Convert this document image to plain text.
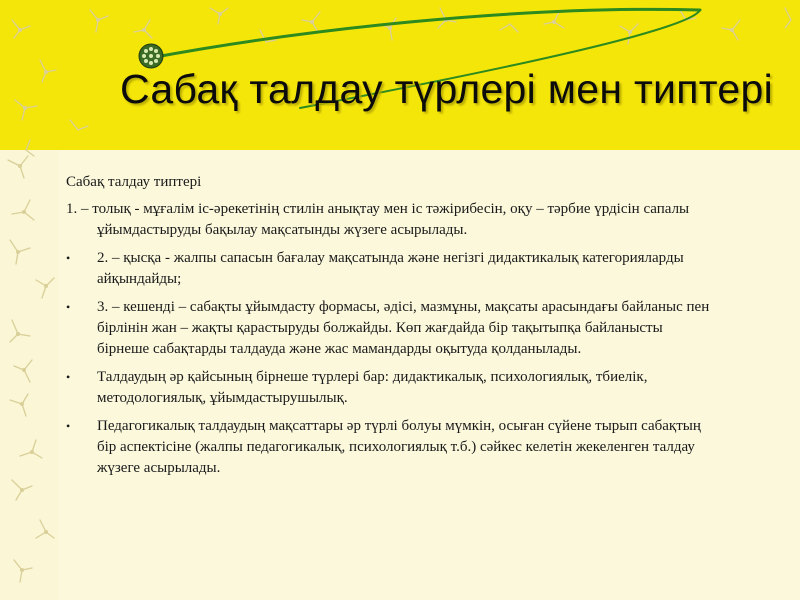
Сабақ талдау түрлері мен типтері

Сабақ талдау типтері

1. – толық - мұғалім іс-әрекетінің стилін анықтау мен іс тәжірибесін, оқу – тәрбие үрдісін сапалы ұйымдастыруды бақылау мақсатынды жүзеге асырылады.
• 2. – қысқа - жалпы сапасын бағалау мақсатында және негізгі дидактикалық категорияларды айқындайды;
• 3. – кешенді – сабақты ұйымдасту формасы, әдісі, мазмұны, мақсаты арасындағы байланыс пен бірлінін жан – жақты қарастыруды болжайды. Көп жағдайда бір тақытыпқа байланысты бірнеше сабақтарды талдауда және жас мамандарды оқытуда қолданылады.
• Талдаудың әр қайсының бірнеше түрлері бар: дидактикалық, психологиялық, тбиелік, методологиялық, ұйымдастырушылық.
• Педагогикалық талдаудың мақсаттары әр түрлі болуы мүмкін, осыған сүйене тырып сабақтың бір аспектісіне (жалпы педагогикалық, психологиялық т.б.) сәйкес келетін жекеленген талдау жүзеге асырылады.
